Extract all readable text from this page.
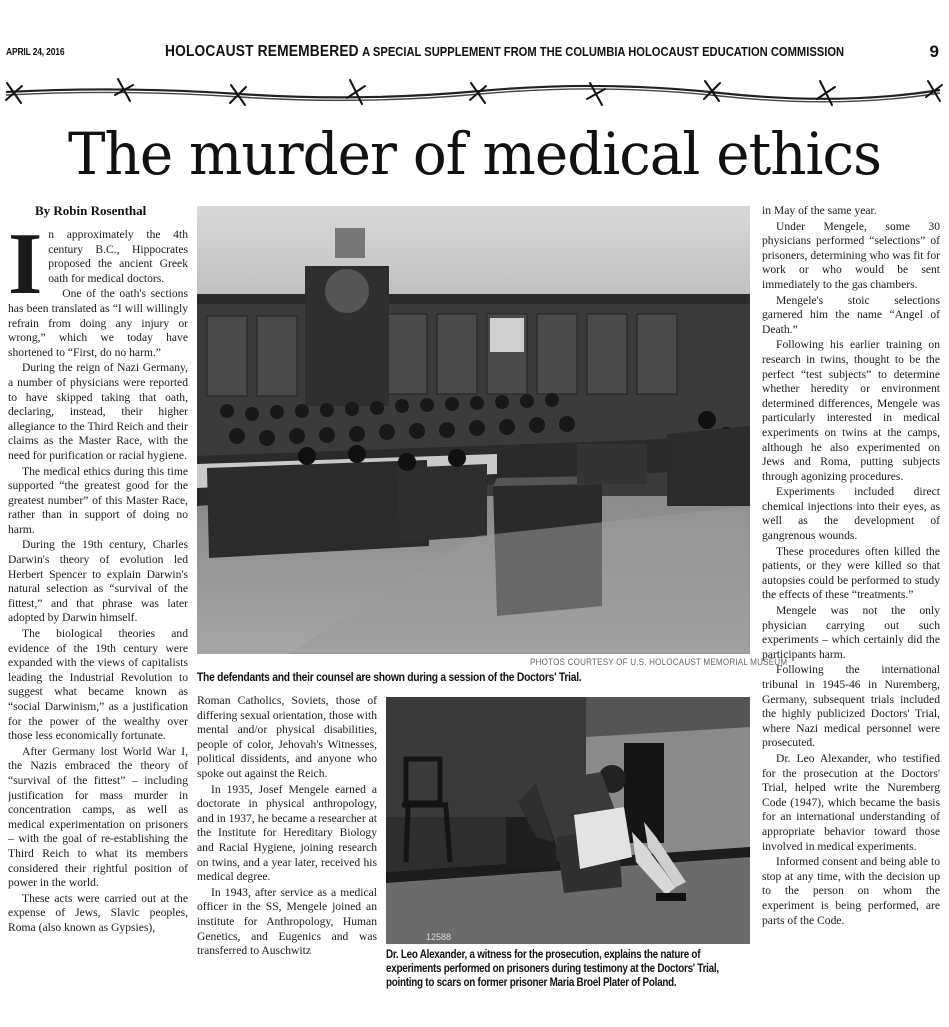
APRIL 24, 2016	HOLOCAUST REMEMBERED A SPECIAL SUPPLEMENT FROM THE COLUMBIA HOLOCAUST EDUCATION COMMISSION	9
The murder of medical ethics
By Robin Rosenthal

In approximately the 4th century B.C., Hippocrates proposed the ancient Greek oath for medical doctors.

One of the oath's sections has been translated as “I will willingly refrain from doing any injury or wrong,” which we today have shortened to “First, do no harm.”

During the reign of Nazi Germany, a number of physicians were reported to have skipped taking that oath, declaring, instead, their higher allegiance to the Third Reich and their claims as the Master Race, with the need for purification or racial hygiene.

The medical ethics during this time supported “the greatest good for the greatest number” of this Master Race, rather than in support of doing no harm.

During the 19th century, Charles Darwin's theory of evolution led Herbert Spencer to explain Darwin's natural selection as “survival of the fittest,” and that phrase was later adopted by Darwin himself.

The biological theories and evidence of the 19th century were expanded with the views of capitalists leading the Industrial Revolution to suggest what became known as “social Darwinism,” as a justification for the power of the wealthy over those less economically fortunate.

After Germany lost World War I, the Nazis embraced the theory of “survival of the fittest” – including justification for mass murder in concentration camps, as well as medical experimentation on prisoners – with the goal of re-establishing the Third Reich to what its members considered their rightful position of power in the world.

These acts were carried out at the expense of Jews, Slavic peoples, Roma (also known as Gypsies),

PHOTOS COURTESY OF U.S. HOLOCAUST MEMORIAL MUSEUM
The defendants and their counsel are shown during a session of the Doctors' Trial.

Roman Catholics, Soviets, those of differing sexual orientation, those with mental and/or physical disabilities, people of color, Jehovah's Witnesses, political dissidents, and anyone who spoke out against the Reich.

In 1935, Josef Mengele earned a doctorate in physical anthropology, and in 1937, he became a researcher at the Institute for Hereditary Biology and Racial Hygiene, joining research on twins, and a year later, received his medical degree.

In 1943, after service as a medical officer in the SS, Mengele joined an institute for Anthropology, Human Genetics, and Eugenics and was transferred to Auschwitz

12588
Dr. Leo Alexander, a witness for the prosecution, explains the nature of experiments performed on prisoners during testimony at the Doctors' Trial, pointing to scars on former prisoner Maria Broel Plater of Poland.

in May of the same year.

Under Mengele, some 30 physicians performed “selections” of prisoners, determining who was fit for work or who would be sent immediately to the gas chambers.

Mengele's stoic selections garnered him the name “Angel of Death.”

Following his earlier training on research in twins, thought to be the perfect “test subjects” to determine whether heredity or environment determined differences, Mengele was particularly interested in medical experiments on twins at the camps, although he also experimented on Jews and Roma, putting subjects through agonizing procedures.

Experiments included direct chemical injections into their eyes, as well as the development of gangrenous wounds.

These procedures often killed the patients, or they were killed so that autopsies could be performed to study the effects of these “treatments.”

Mengele was not the only physician carrying out such experiments – which certainly did the participants harm.

Following the international tribunal in 1945-46 in Nuremberg, Germany, subsequent trials included the highly publicized Doctors' Trial, where Nazi medical personnel were prosecuted.

Dr. Leo Alexander, who testified for the prosecution at the Doctors' Trial, helped write the Nuremberg Code (1947), which became the basis for an international understanding of appropriate behavior toward those involved in medical experiments.

Informed consent and being able to stop at any time, with the decision up to the person on whom the experiment is being performed, are parts of the Code.
